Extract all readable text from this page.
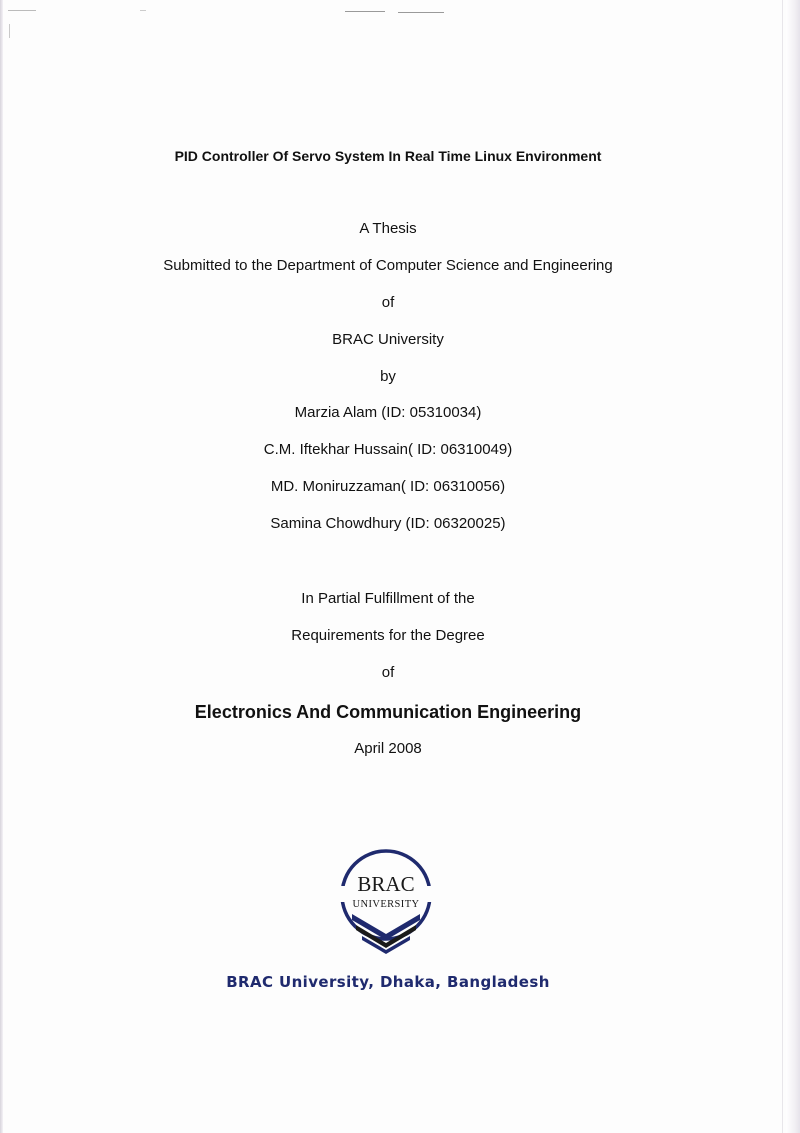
PID Controller Of Servo System In Real Time Linux Environment
A Thesis
Submitted to the Department of Computer Science and Engineering
of
BRAC University
by
Marzia Alam (ID: 05310034)
C.M. Iftekhar Hussain( ID: 06310049)
MD. Moniruzzaman( ID: 06310056)
Samina Chowdhury (ID: 06320025)
In Partial Fulfillment of the
Requirements for the Degree
of
Electronics And Communication Engineering
April 2008
BRAC
UNIVERSITY
BRAC University, Dhaka, Bangladesh
